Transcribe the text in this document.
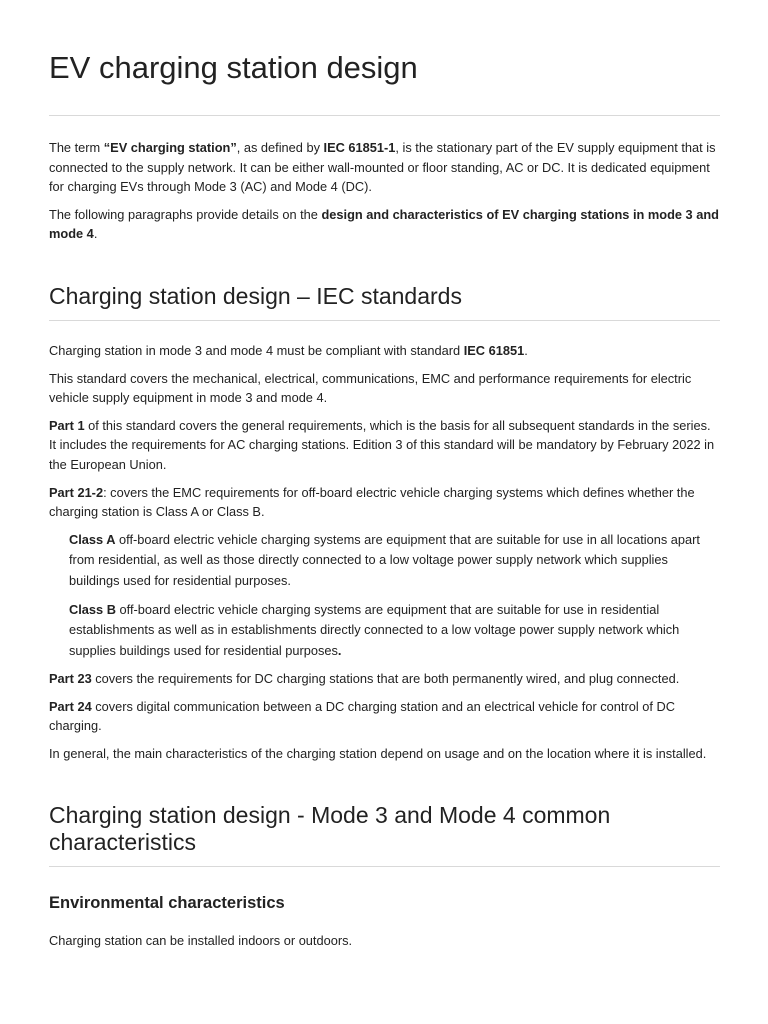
EV charging station design

The term “EV charging station”, as defined by IEC 61851-1, is the stationary part of the EV supply equipment that is connected to the supply network. It can be either wall-mounted or floor standing, AC or DC. It is dedicated equipment for charging EVs through Mode 3 (AC) and Mode 4 (DC).

The following paragraphs provide details on the design and characteristics of EV charging stations in mode 3 and mode 4.

Charging station design – IEC standards

Charging station in mode 3 and mode 4 must be compliant with standard IEC 61851.

This standard covers the mechanical, electrical, communications, EMC and performance requirements for electric vehicle supply equipment in mode 3 and mode 4.

Part 1 of this standard covers the general requirements, which is the basis for all subsequent standards in the series. It includes the requirements for AC charging stations. Edition 3 of this standard will be mandatory by February 2022 in the European Union.

Part 21-2: covers the EMC requirements for off-board electric vehicle charging systems which defines whether the charging station is Class A or Class B.

Class A off-board electric vehicle charging systems are equipment that are suitable for use in all locations apart from residential, as well as those directly connected to a low voltage power supply network which supplies buildings used for residential purposes.

Class B off-board electric vehicle charging systems are equipment that are suitable for use in residential establishments as well as in establishments directly connected to a low voltage power supply network which supplies buildings used for residential purposes.

Part 23 covers the requirements for DC charging stations that are both permanently wired, and plug connected.

Part 24 covers digital communication between a DC charging station and an electrical vehicle for control of DC charging.

In general, the main characteristics of the charging station depend on usage and on the location where it is installed.

Charging station design - Mode 3 and Mode 4 common characteristics
Environmental characteristics

Charging station can be installed indoors or outdoors.
